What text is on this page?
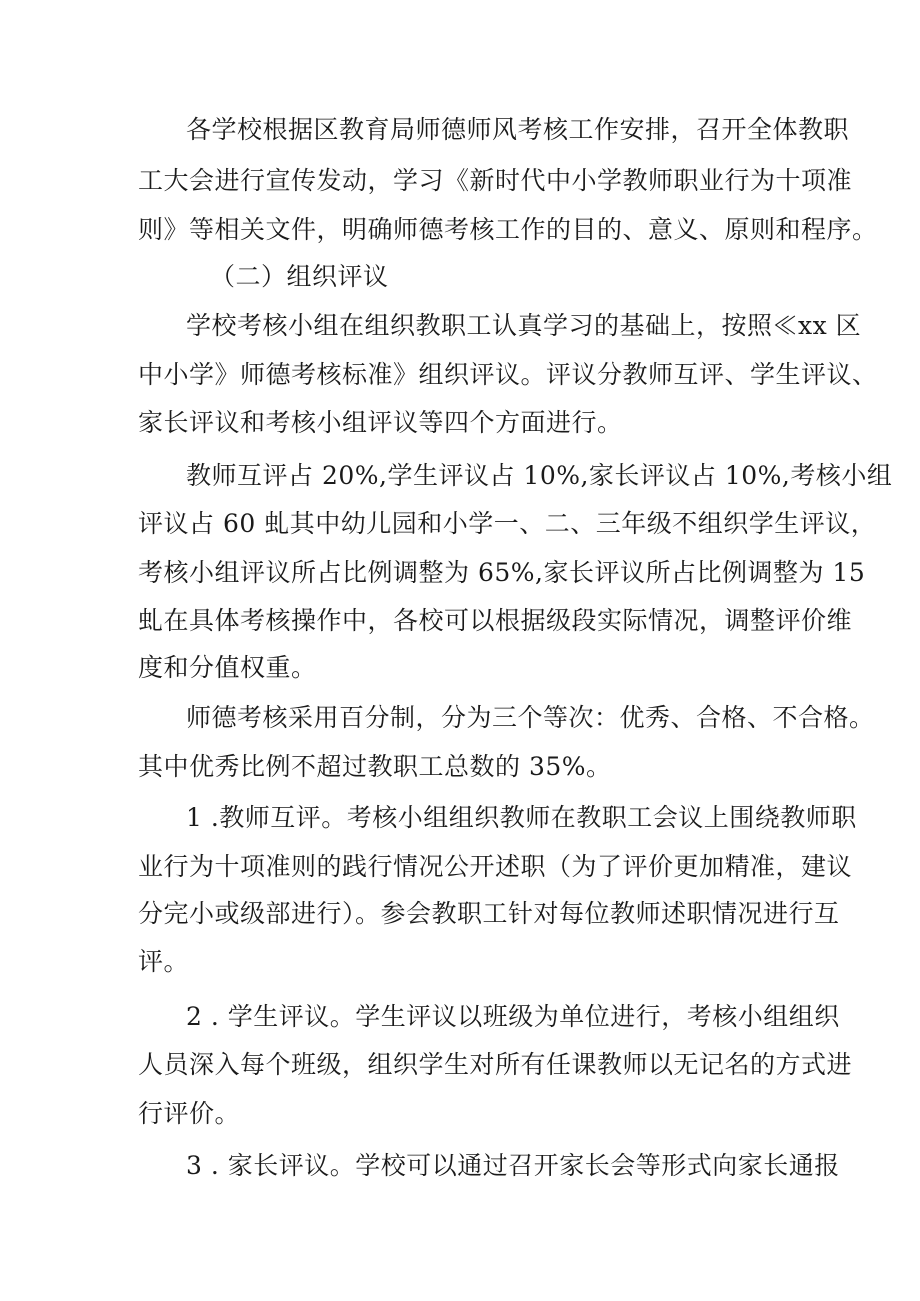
各学校根据区教育局师德师风考核工作安排，召开全体教职
工大会进行宣传发动，学习《新时代中小学教师职业行为十项准
则》等相关文件，明确师德考核工作的目的、意义、原则和程序。
（二）组织评议
学校考核小组在组织教职工认真学习的基础上，按照≪xx 区
中小学》师德考核标准》组织评议。评议分教师互评、学生评议、
家长评议和考核小组评议等四个方面进行。
教师互评占 20%,学生评议占 10%,家长评议占 10%,考核小组
评议占 60 虬其中幼儿园和小学一、二、三年级不组织学生评议，
考核小组评议所占比例调整为 65%,家长评议所占比例调整为 15
虬在具体考核操作中，各校可以根据级段实际情况，调整评价维
度和分值权重。
师德考核采用百分制，分为三个等次：优秀、合格、不合格。
其中优秀比例不超过教职工总数的 35%。
1 .教师互评。考核小组组织教师在教职工会议上围绕教师职
业行为十项准则的践行情况公开述职（为了评价更加精准，建议
分完小或级部进行）。参会教职工针对每位教师述职情况进行互
评。
2 . 学生评议。学生评议以班级为单位进行，考核小组组织
人员深入每个班级，组织学生对所有任课教师以无记名的方式进
行评价。
3 . 家长评议。学校可以通过召开家长会等形式向家长通报
